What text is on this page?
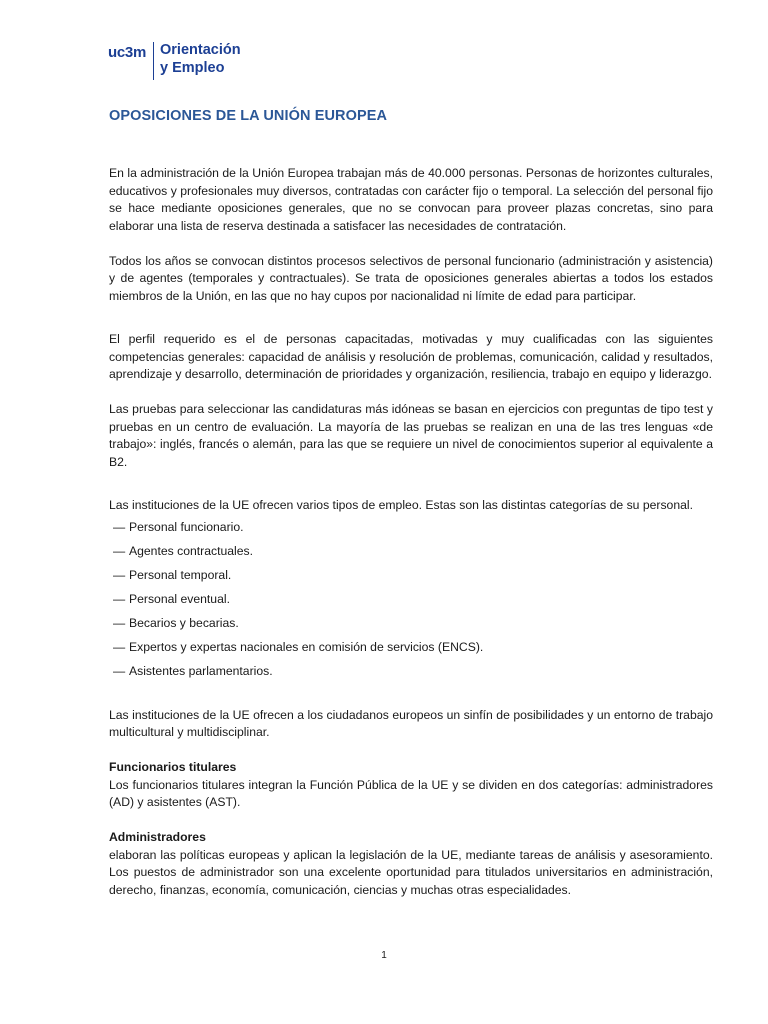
uc3m Orientación
y Empleo
OPOSICIONES DE LA UNIÓN EUROPEA

En la administración de la Unión Europea trabajan más de 40.000 personas. Personas de horizontes culturales, educativos y profesionales muy diversos, contratadas con carácter fijo o temporal. La selección del personal fijo se hace mediante oposiciones generales, que no se convocan para proveer plazas concretas, sino para elaborar una lista de reserva destinada a satisfacer las necesidades de contratación.

Todos los años se convocan distintos procesos selectivos de personal funcionario (administración y asistencia) y de agentes (temporales y contractuales). Se trata de oposiciones generales abiertas a todos los estados miembros de la Unión, en las que no hay cupos por nacionalidad ni límite de edad para participar.

El perfil requerido es el de personas capacitadas, motivadas y muy cualificadas con las siguientes competencias generales: capacidad de análisis y resolución de problemas, comunicación, calidad y resultados, aprendizaje y desarrollo, determinación de prioridades y organización, resiliencia, trabajo en equipo y liderazgo.

Las pruebas para seleccionar las candidaturas más idóneas se basan en ejercicios con preguntas de tipo test y pruebas en un centro de evaluación. La mayoría de las pruebas se realizan en una de las tres lenguas «de trabajo»: inglés, francés o alemán, para las que se requiere un nivel de conocimientos superior al equivalente a B2.

Las instituciones de la UE ofrecen varios tipos de empleo. Estas son las distintas categorías de su personal.

— Personal funcionario.
— Agentes contractuales.
— Personal temporal.
— Personal eventual.
— Becarios y becarias.
— Expertos y expertas nacionales en comisión de servicios (ENCS).
— Asistentes parlamentarios.

Las instituciones de la UE ofrecen a los ciudadanos europeos un sinfín de posibilidades y un entorno de trabajo multicultural y multidisciplinar.

Funcionarios titulares

Los funcionarios titulares integran la Función Pública de la UE y se dividen en dos categorías: administradores (AD) y asistentes (AST).

Administradores

elaboran las políticas europeas y aplican la legislación de la UE, mediante tareas de análisis y asesoramiento. Los puestos de administrador son una excelente oportunidad para titulados universitarios en administración, derecho, finanzas, economía, comunicación, ciencias y muchas otras especialidades.

1
